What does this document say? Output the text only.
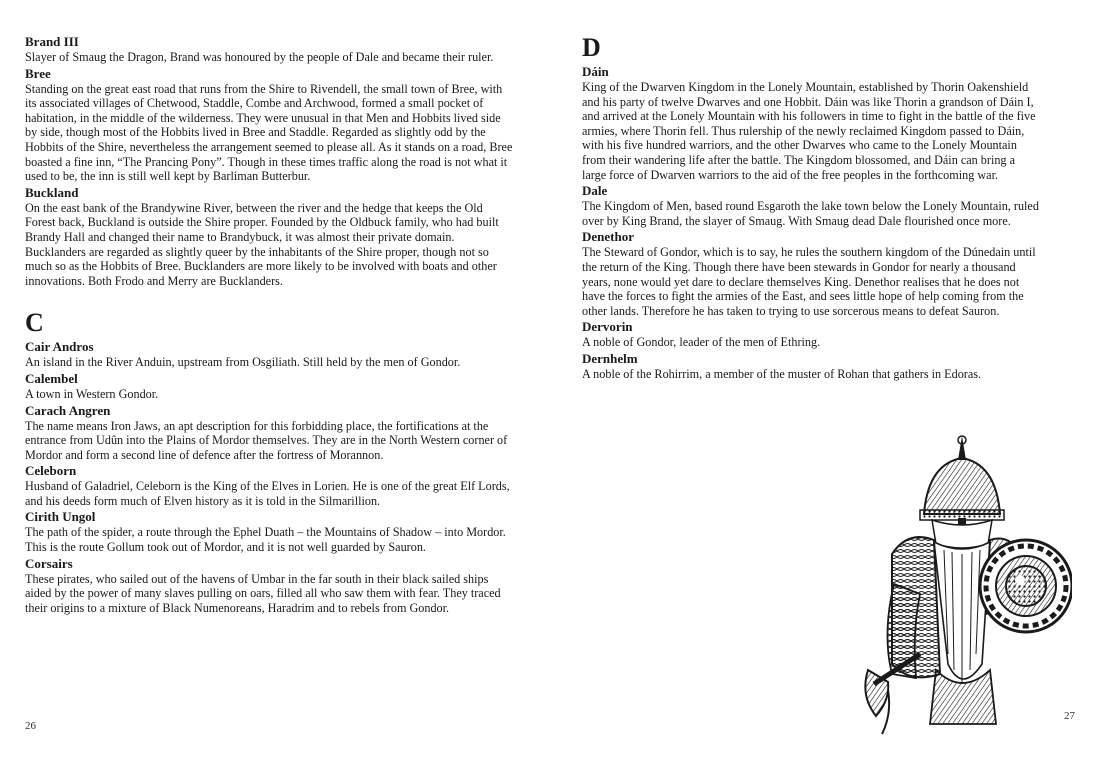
Brand III

Slayer of Smaug the Dragon, Brand was honoured by the people of Dale and became their ruler.

Bree

Standing on the great east road that runs from the Shire to Rivendell, the small town of Bree, with its associated villages of Chetwood, Staddle, Combe and Archwood, formed a small pocket of habitation, in the middle of the wilderness. They were unusual in that Men and Hobbits lived side by side, though most of the Hobbits lived in Bree and Staddle. Regarded as slightly odd by the Hobbits of the Shire, nevertheless the arrangement seemed to please all. As it stands on a road, Bree boasted a fine inn, “The Prancing Pony”. Though in these times traffic along the road is not what it used to be, the inn is still well kept by Barliman Butterbur.

Buckland

On the east bank of the Brandywine River, between the river and the hedge that keeps the Old Forest back, Buckland is outside the Shire proper. Founded by the Oldbuck family, who had built Brandy Hall and changed their name to Brandybuck, it was almost their private domain. Bucklanders are regarded as slightly queer by the inhabitants of the Shire proper, though not so much so as the Hobbits of Bree. Bucklanders are more likely to be involved with boats and other innovations. Both Frodo and Merry are Bucklanders.

C

Cair Andros

An island in the River Anduin, upstream from Osgiliath. Still held by the men of Gondor.

Calembel

A town in Western Gondor.

Carach Angren

The name means Iron Jaws, an apt description for this forbidding place, the fortifications at the entrance from Udûn into the Plains of Mordor themselves. They are in the North Western corner of Mordor and form a second line of defence after the fortress of Morannon.

Celeborn

Husband of Galadriel, Celeborn is the King of the Elves in Lorien. He is one of the great Elf Lords, and his deeds form much of Elven history as it is told in the Silmarillion.

Cirith Ungol

The path of the spider, a route through the Ephel Duath – the Mountains of Shadow – into Mordor. This is the route Gollum took out of Mordor, and it is not well guarded by Sauron.

Corsairs

These pirates, who sailed out of the havens of Umbar in the far south in their black sailed ships aided by the power of many slaves pulling on oars, filled all who saw them with fear. They traced their origins to a mixture of Black Numenoreans, Haradrim and to rebels from Gondor.

D

Dáin

King of the Dwarven Kingdom in the Lonely Mountain, established by Thorin Oakenshield and his party of twelve Dwarves and one Hobbit. Dáin was like Thorin a grandson of Dáin I, and arrived at the Lonely Mountain with his followers in time to fight in the battle of the five armies, where Thorin fell. Thus rulership of the newly reclaimed Kingdom passed to Dáin, with his five hundred warriors, and the other Dwarves who came to the Lonely Mountain from their wandering life after the battle. The Kingdom blossomed, and Dáin can bring a large force of Dwarven warriors to the aid of the free peoples in the forthcoming war.

Dale

The Kingdom of Men, based round Esgaroth the lake town below the Lonely Mountain, ruled over by King Brand, the slayer of Smaug. With Smaug dead Dale flourished once more.

Denethor

The Steward of Gondor, which is to say, he rules the southern kingdom of the Dúnedain until the return of the King. Though there have been stewards in Gondor for nearly a thousand years, none would yet dare to declare themselves King. Denethor realises that he does not have the forces to fight the armies of the East, and sees little hope of help coming from the other lands. Therefore he has taken to trying to use sorcerous means to defeat Sauron.

Dervorin

A noble of Gondor, leader of the men of Ethring.

Dernhelm

A noble of the Rohirrim, a member of the muster of Rohan that gathers in Edoras.

26
27
